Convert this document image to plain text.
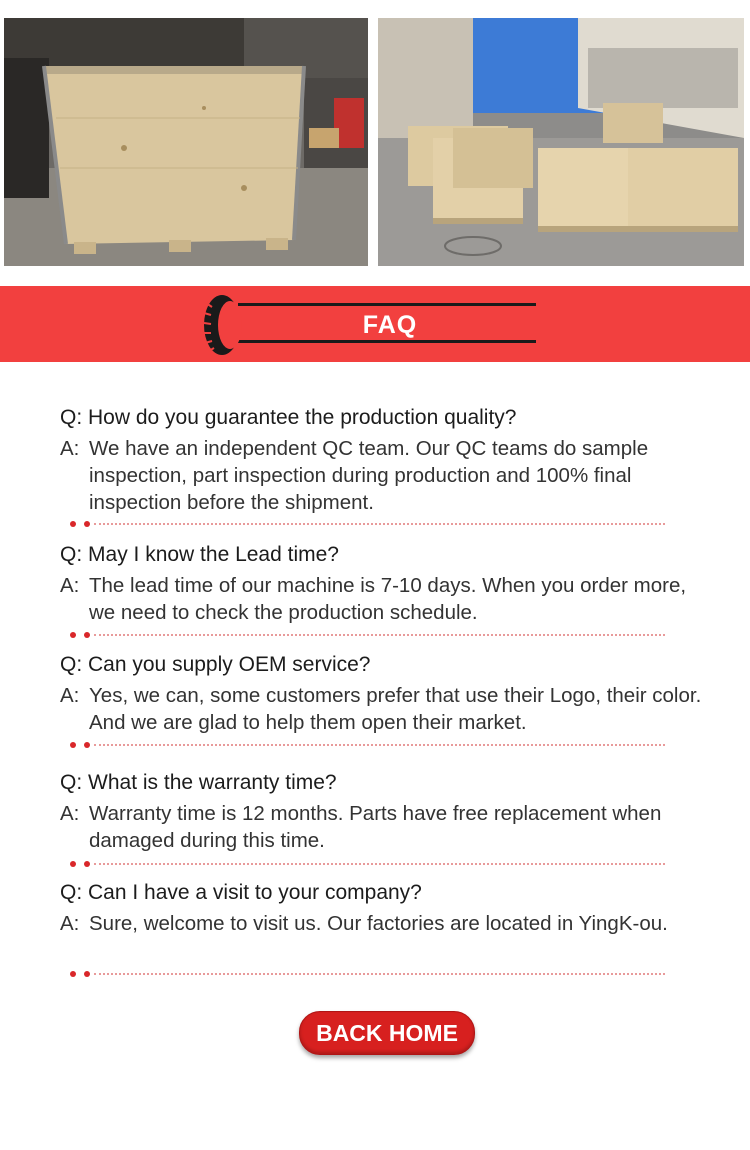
FAQ
Q: How do you guarantee the production quality?
A: We have an independent QC team. Our QC teams do sample inspection, part inspection during production and 100% final inspection before the shipment.
Q: May I know the Lead time?
A: The lead time of our machine is 7-10 days. When you order more, we need to check the production schedule.
Q: Can you supply OEM service?
A: Yes, we can, some customers prefer that use their Logo, their color. And we are glad to help them open their market.
Q: What is the warranty time?
A: Warranty time is 12 months. Parts have free replacement when damaged during this time.
Q: Can I have a visit to your company?
A: Sure, welcome to visit us. Our factories are located in YingK-ou.
BACK HOME
